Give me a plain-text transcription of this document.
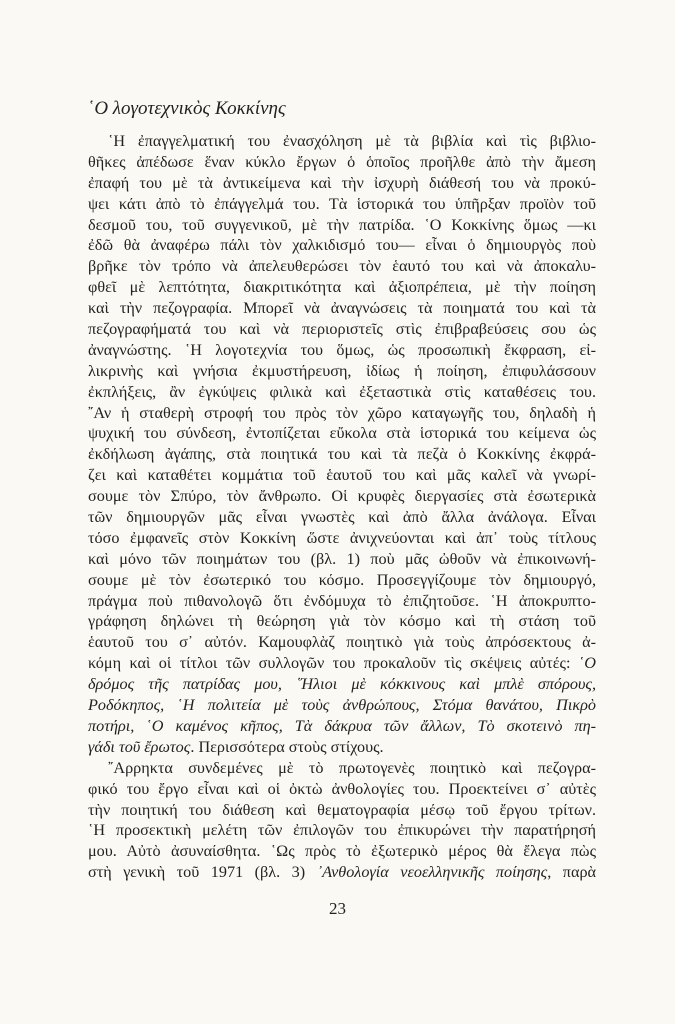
῾Ο λογοτεχνικὸς Κοκκίνης
῾Η ἐπαγγελματική του ἐνασχόληση μὲ τὰ βιβλία καὶ τὶς βιβλιο-
θῆκες ἀπέδωσε ἕναν κύκλο ἔργων ὁ ὁποῖος προῆλθε ἀπὸ τὴν ἄμεση
ἐπαφή του μὲ τὰ ἀντικείμενα καὶ τὴν ἰσχυρὴ διάθεσή του νὰ προκύ-
ψει κάτι ἀπὸ τὸ ἐπάγγελμά του. Τὰ ἱστορικά του ὑπῆρξαν προϊὸν τοῦ
δεσμοῦ του, τοῦ συγγενικοῦ, μὲ τὴν πατρίδα. ῾Ο Κοκκίνης ὅμως —κι
ἐδῶ θὰ ἀναφέρω πάλι τὸν χαλκιδισμό του— εἶναι ὁ δημιουργὸς ποὺ
βρῆκε τὸν τρόπο νὰ ἀπελευθερώσει τὸν ἑαυτό του καὶ νὰ ἀποκαλυ-
φθεῖ μὲ λεπτότητα, διακριτικότητα καὶ ἀξιοπρέπεια, μὲ τὴν ποίηση
καὶ τὴν πεζογραφία. Μπορεῖ νὰ ἀναγνώσεις τὰ ποιηματά του καὶ τὰ
πεζογραφήματά του καὶ νὰ περιοριστεῖς στὶς ἐπιβραβεύσεις σου ὡς
ἀναγνώστης. ῾Η λογοτεχνία του ὅμως, ὡς προσωπικὴ ἔκφραση, εἰ-
λικρινὴς καὶ γνήσια ἐκμυστήρευση, ἰδίως ἡ ποίηση, ἐπιφυλάσσουν
ἐκπλήξεις, ἂν ἐγκύψεις φιλικὰ καὶ ἐξεταστικὰ στὶς καταθέσεις του.
῎Αν ἡ σταθερὴ στροφή του πρὸς τὸν χῶρο καταγωγῆς του, δηλαδὴ ἡ
ψυχική του σύνδεση, ἐντοπίζεται εὔκολα στὰ ἱστορικά του κείμενα ὡς
ἐκδήλωση ἀγάπης, στὰ ποιητικά του καὶ τὰ πεζὰ ὁ Κοκκίνης ἐκφρά-
ζει καὶ καταθέτει κομμάτια τοῦ ἑαυτοῦ του καὶ μᾶς καλεῖ νὰ γνωρί-
σουμε τὸν Σπύρο, τὸν ἄνθρωπο. Οἱ κρυφὲς διεργασίες στὰ ἐσωτερικὰ
τῶν δημιουργῶν μᾶς εἶναι γνωστὲς καὶ ἀπὸ ἄλλα ἀνάλογα. Εἶναι
τόσο ἐμφανεῖς στὸν Κοκκίνη ὥστε ἀνιχνεύονται καὶ ἀπ᾽ τοὺς τίτλους
καὶ μόνο τῶν ποιημάτων του (βλ. 1) ποὺ μᾶς ὠθοῦν νὰ ἐπικοινωνή-
σουμε μὲ τὸν ἐσωτερικό του κόσμο. Προσεγγίζουμε τὸν δημιουργό,
πράγμα ποὺ πιθανολογῶ ὅτι ἐνδόμυχα τὸ ἐπιζητοῦσε. ῾Η ἀποκρυπτο-
γράφηση δηλώνει τὴ θεώρηση γιὰ τὸν κόσμο καὶ τὴ στάση τοῦ
ἑαυτοῦ του σ᾽ αὐτόν. Καμουφλὰζ ποιητικὸ γιὰ τοὺς ἀπρόσεκτους ἀ-
κόμη καὶ οἱ τίτλοι τῶν συλλογῶν του προκαλοῦν τὶς σκέψεις αὐτές: ῾Ο
δρόμος τῆς πατρίδας μου, ῞Ηλιοι μὲ κόκκινους καὶ μπλὲ σπόρους,
Ροδόκηπος, ῾Η πολιτεία μὲ τοὺς ἀνθρώπους, Στόμα θανάτου, Πικρὸ
ποτήρι, ῾Ο καμένος κῆπος, Τὰ δάκρυα τῶν ἄλλων, Τὸ σκοτεινὸ πη-
γάδι τοῦ ἔρωτος. Περισσότερα στοὺς στίχους.
῎Αρρηκτα συνδεμένες μὲ τὸ πρωτογενὲς ποιητικὸ καὶ πεζογρα-
φικό του ἔργο εἶναι καὶ οἱ ὀκτὼ ἀνθολογίες του. Προεκτείνει σ᾽ αὐτὲς
τὴν ποιητική του διάθεση καὶ θεματογραφία μέσῳ τοῦ ἔργου τρίτων.
῾Η προσεκτικὴ μελέτη τῶν ἐπιλογῶν του ἐπικυρώνει τὴν παρατήρησή
μου. Αὐτὸ ἀσυναίσθητα. ῾Ως πρὸς τὸ ἐξωτερικὸ μέρος θὰ ἔλεγα πὼς
στὴ γενικὴ τοῦ 1971 (βλ. 3) ᾽Ανθολογία νεοελληνικῆς ποίησης, παρὰ
23
